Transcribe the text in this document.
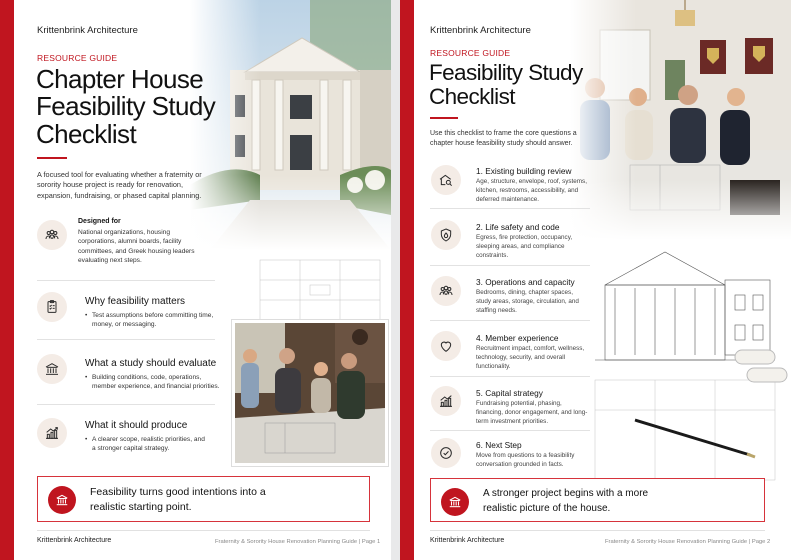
Krittenbrink Architecture
RESOURCE GUIDE
Chapter House
Feasibility Study
Checklist
A focused tool for evaluating whether a fraternity or sorority house project is ready for renovation, expansion, fundraising, or phased capital planning.
Designed for
National organizations, housing corporations, alumni boards, facility committees, and Greek housing leaders evaluating next steps.
Why feasibility matters
• Test assumptions before committing time, money, or messaging.
What a study should evaluate
• Building conditions, code, operations, member experience, and financial priorities.
What it should produce
• A clearer scope, realistic priorities, and a stronger capital strategy.
Feasibility turns good intentions into a realistic starting point.
Krittenbrink Architecture	Fraternity & Sorority House Renovation Planning Guide | Page 1
Krittenbrink Architecture
RESOURCE GUIDE
Feasibility Study
Checklist
Use this checklist to frame the core questions a chapter house feasibility study should answer.
1. Existing building review
Age, structure, envelope, roof, systems, kitchen, restrooms, accessibility, and deferred maintenance.
2. Life safety and code
Egress, fire protection, occupancy, sleeping areas, and compliance constraints.
3. Operations and capacity
Bedrooms, dining, chapter spaces, study areas, storage, circulation, and staffing needs.
4. Member experience
Recruitment impact, comfort, wellness, technology, security, and overall functionality.
5. Capital strategy
Fundraising potential, phasing, financing, donor engagement, and long-term investment priorities.
6. Next Step
Move from questions to a feasibility conversation grounded in facts.
A stronger project begins with a more realistic picture of the house.
Krittenbrink Architecture	Fraternity & Sorority House Renovation Planning Guide | Page 2
